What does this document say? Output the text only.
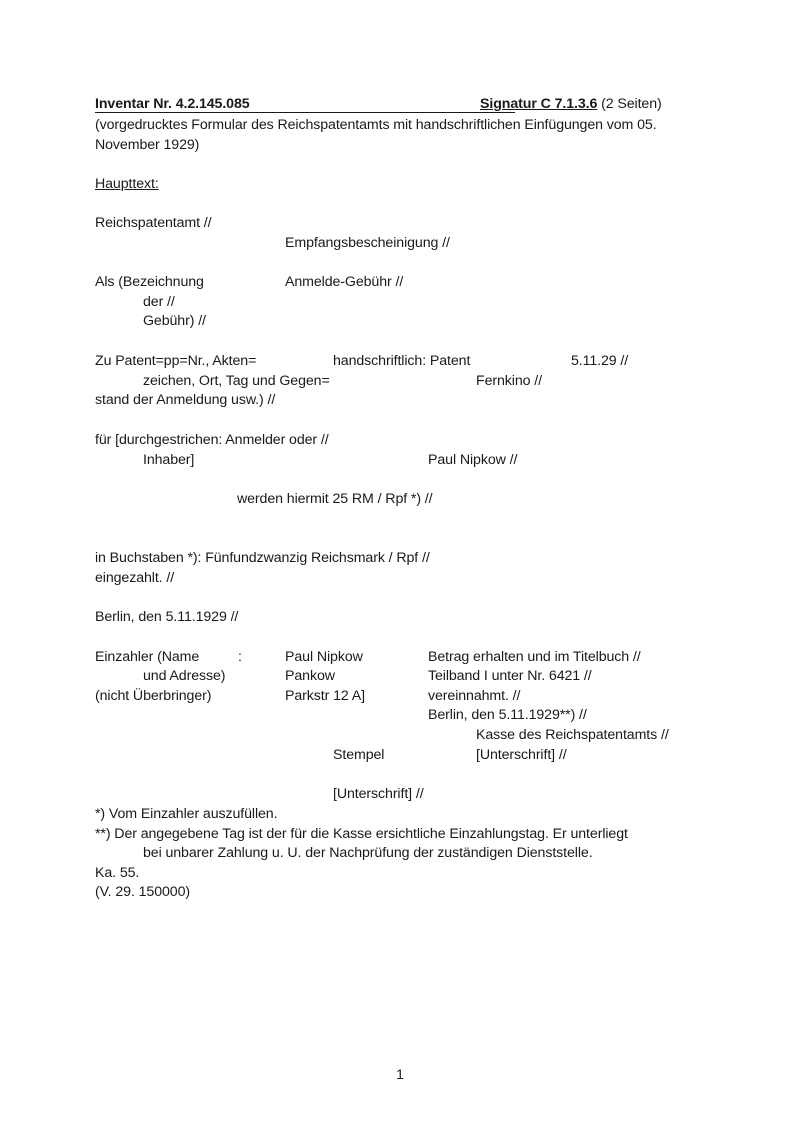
Inventar Nr. 4.2.145.085	Signatur C 7.1.3.6 (2 Seiten)
(vorgedrucktes Formular des Reichspatentamts mit handschriftlichen Einfügungen vom 05.
November 1929)
Haupttext:
Reichspatentamt //
Empfangsbescheinigung //
Als (Bezeichnung	Anmelde-Gebühr //
der //
Gebühr) //
Zu Patent=pp=Nr., Akten=	handschriftlich: Patent	5.11.29 //
zeichen, Ort, Tag und Gegen=	Fernkino //
stand der Anmeldung usw.) //
für [durchgestrichen: Anmelder oder //
Inhaber]	Paul Nipkow //
werden hiermit 25 RM / Rpf *) //
in Buchstaben *): Fünfundzwanzig Reichsmark / Rpf //
eingezahlt. //
Berlin, den 5.11.1929 //
Einzahler (Name	:	Paul Nipkow	Betrag erhalten und im Titelbuch //
und Adresse)	Pankow	Teilband I unter Nr. 6421 //
(nicht Überbringer)	Parkstr 12 A]	vereinnahmt. //
Berlin, den 5.11.1929**) //
Kasse des Reichspatentamts //
Stempel	[Unterschrift] //
[Unterschrift] //
*) Vom Einzahler auszufüllen.
**) Der angegebene Tag ist der für die Kasse ersichtliche Einzahlungstag. Er unterliegt
bei unbarer Zahlung u. U. der Nachprüfung der zuständigen Dienststelle.
Ka. 55.
(V. 29. 150000)
1
